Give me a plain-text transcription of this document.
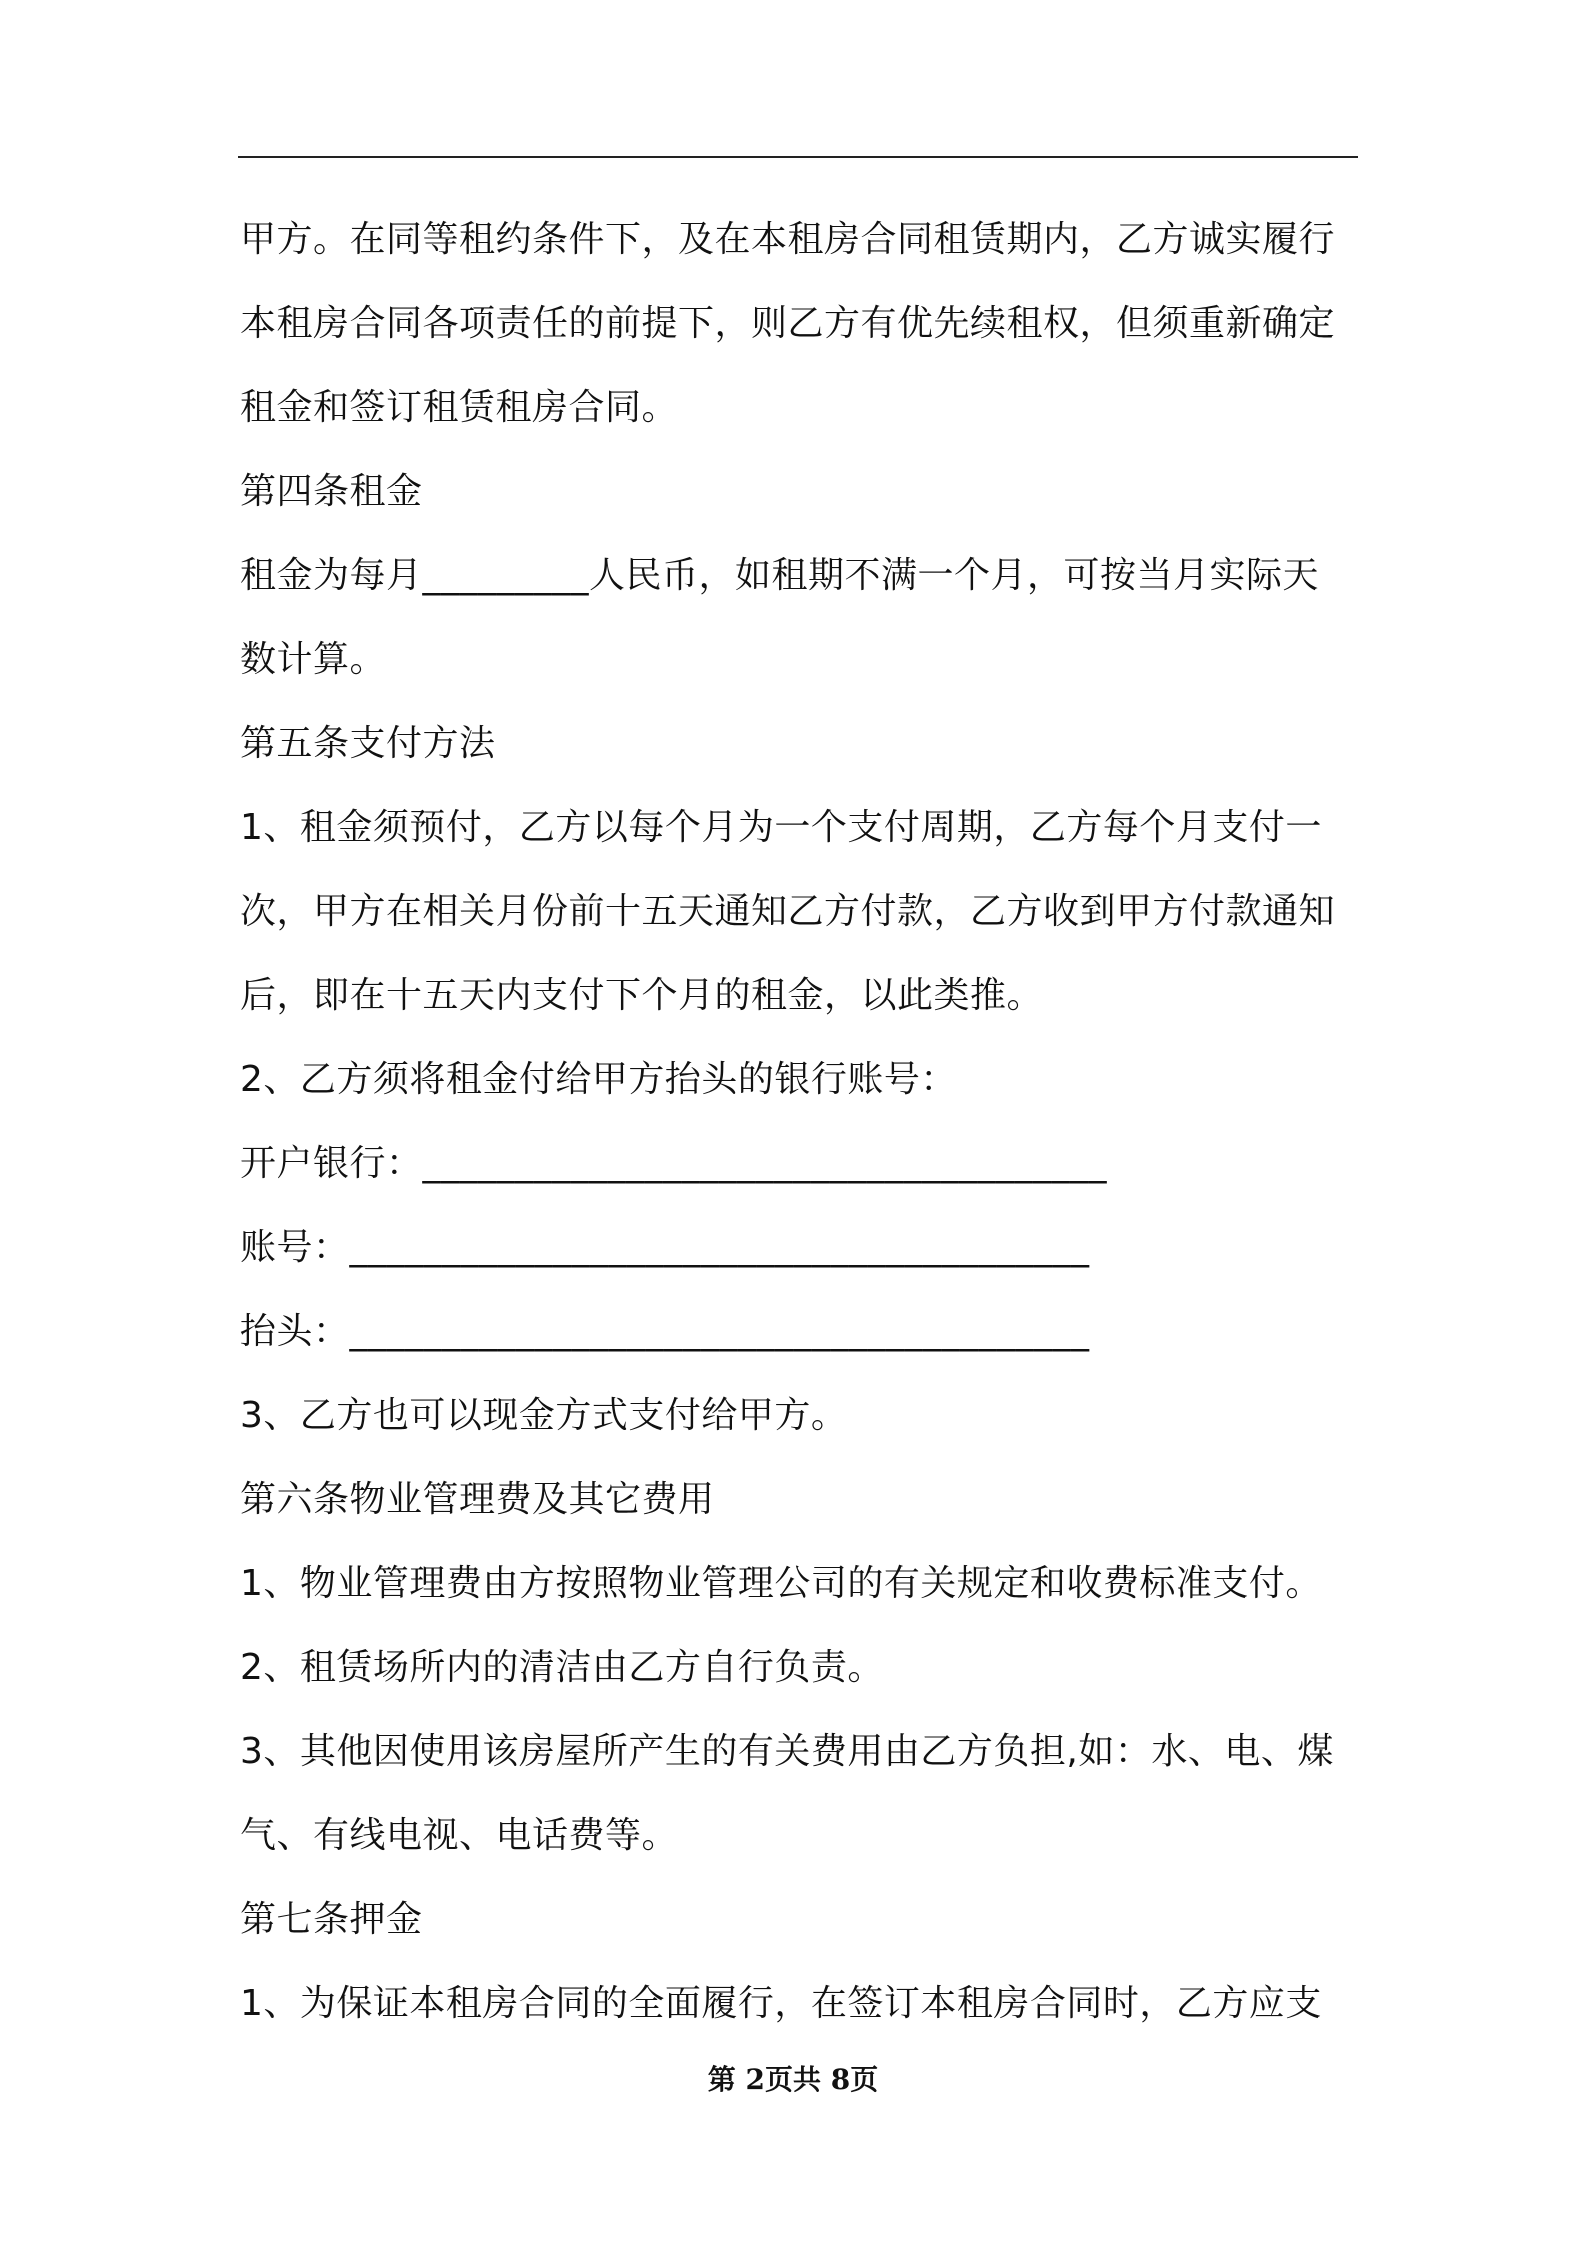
甲方。在同等租约条件下，及在本租房合同租赁期内，乙方诚实履行
本租房合同各项责任的前提下，则乙方有优先续租权，但须重新确定
租金和签订租赁租房合同。
第四条租金
租金为每月_________人民币，如租期不满一个月，可按当月实际天
数计算。
第五条支付方法
1、租金须预付，乙方以每个月为一个支付周期，乙方每个月支付一
次，甲方在相关月份前十五天通知乙方付款，乙方收到甲方付款通知
后，即在十五天内支付下个月的租金，以此类推。
2、乙方须将租金付给甲方抬头的银行账号：
开户银行：_____________________________________
账号：________________________________________
抬头：________________________________________
3、乙方也可以现金方式支付给甲方。
第六条物业管理费及其它费用
1、物业管理费由方按照物业管理公司的有关规定和收费标准支付。
2、租赁场所内的清洁由乙方自行负责。
3、其他因使用该房屋所产生的有关费用由乙方负担,如：水、电、煤
气、有线电视、电话费等。
第七条押金
1、为保证本租房合同的全面履行，在签订本租房合同时，乙方应支
第 2页共 8页
